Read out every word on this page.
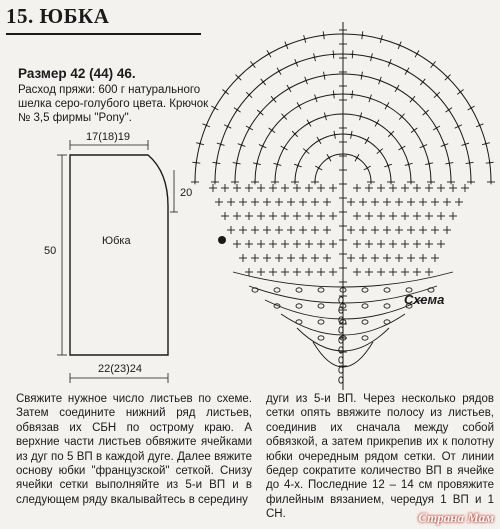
15. ЮБКА
Размер 42 (44) 46.
Расход пряжи: 600 г натурального шелка серо-голубого цвета. Крючок № 3,5 фирмы "Pony".
17(18)19
22(23)24
50
20
Юбка
Схема
Свяжите нужное число листьев по схеме. Затем соедините нижний ряд листьев, обвязав их СБН по острому краю. А верхние части листьев обвяжите ячейками из дуг по 5 ВП в каждой дуге. Далее вяжите основу юбки "французской" сеткой. Снизу ячейки сетки выполняйте из 5-и ВП и в следующем ряду вкалывайтесь в середину
дуги из 5-и ВП. Через несколько рядов сетки опять ввяжите полосу из листьев, соединив их сначала между собой обвязкой, а затем прикрепив их к полотну юбки очередным рядом сетки. От линии бедер сократите количество ВП в ячейке до 4-х. Последние 12 – 14 см провяжите филейным вязанием, чередуя 1 ВП и 1 СН.	Страна Мам
